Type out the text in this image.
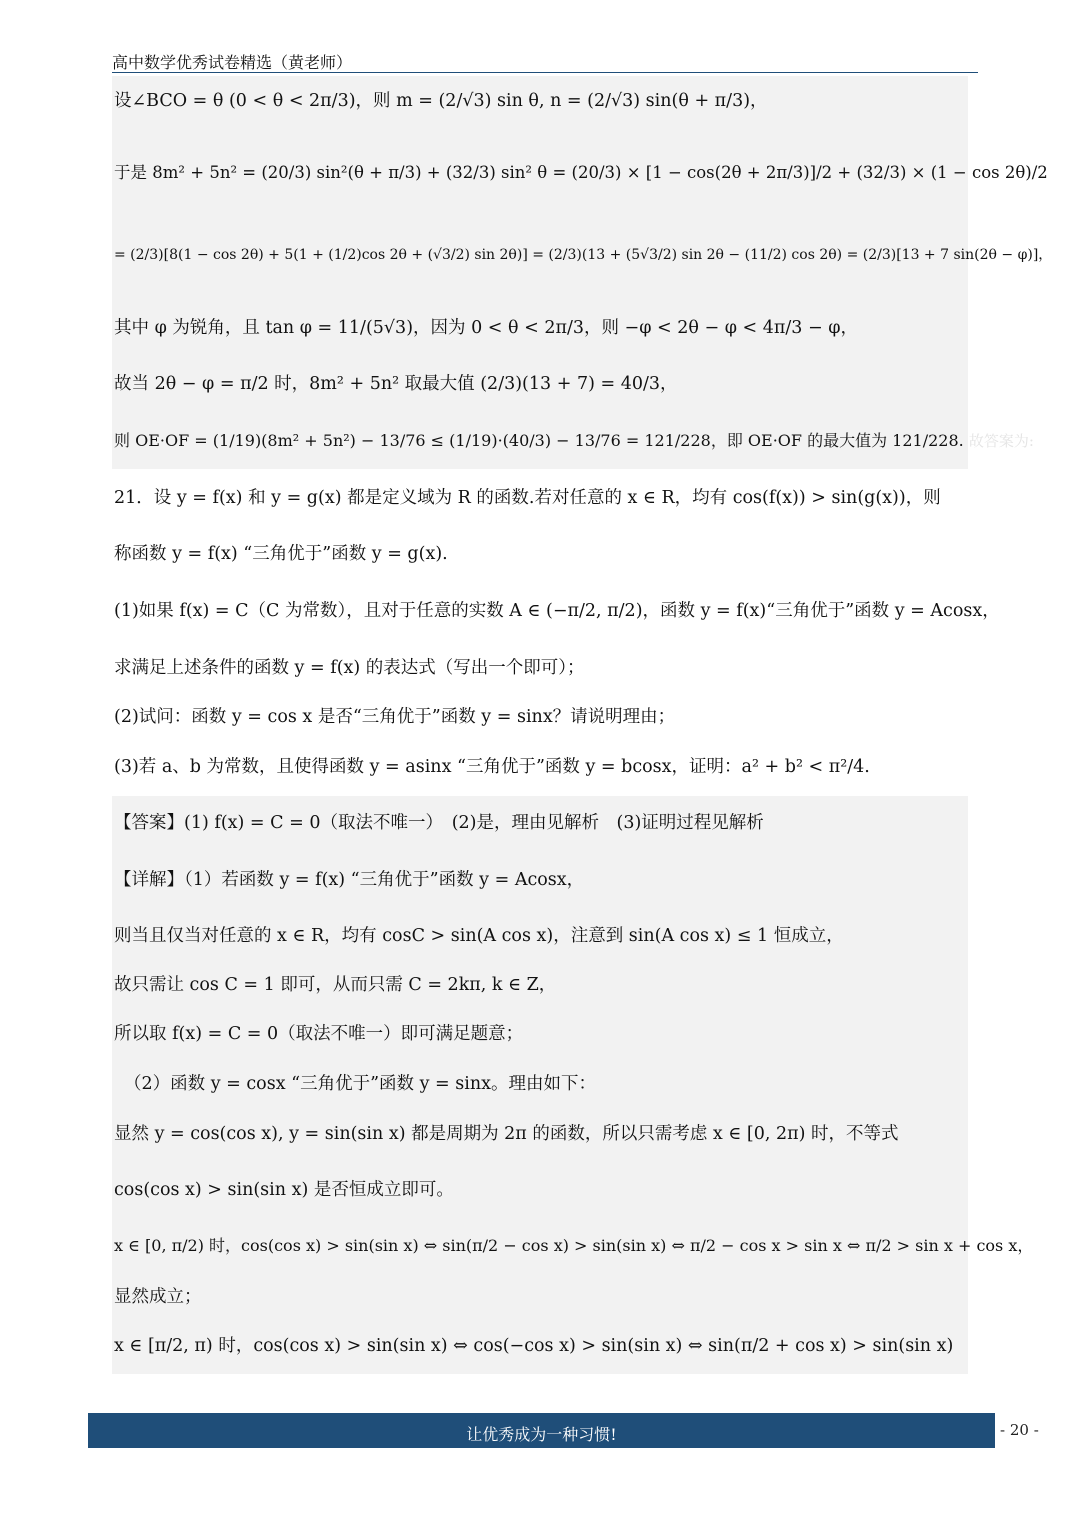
高中数学优秀试卷精选（黄老师）
设∠BCO = θ (0 < θ < 2π/3)，则 m = (2/√3) sin θ, n = (2/√3) sin(θ + π/3)，
于是 8m² + 5n² = (20/3) sin²(θ + π/3) + (32/3) sin² θ = (20/3) × [1 − cos(2θ + 2π/3)]/2 + (32/3) × (1 − cos 2θ)/2
= (2/3)[8(1 − cos 2θ) + 5(1 + (1/2)cos 2θ + (√3/2) sin 2θ)] = (2/3)(13 + (5√3/2) sin 2θ − (11/2) cos 2θ) = (2/3)[13 + 7 sin(2θ − φ)]，
其中 φ 为锐角，且 tan φ = 11/(5√3)，因为 0 < θ < 2π/3，则 −φ < 2θ − φ < 4π/3 − φ，
故当 2θ − φ = π/2 时，8m² + 5n² 取最大值 (2/3)(13 + 7) = 40/3，
则 OE·OF = (1/19)(8m² + 5n²) − 13/76 ≤ (1/19)·(40/3) − 13/76 = 121/228，即 OE·OF 的最大值为 121/228. 故答案为:
21．设 y = f(x) 和 y = g(x) 都是定义域为 R 的函数.若对任意的 x ∈ R，均有 cos(f(x)) > sin(g(x))，则
称函数 y = f(x) “三角优于”函数 y = g(x).
(1)如果 f(x) = C（C 为常数），且对于任意的实数 A ∈ (−π/2, π/2)，函数 y = f(x)“三角优于”函数 y = Acosx，
求满足上述条件的函数 y = f(x) 的表达式（写出一个即可）；
(2)试问：函数 y = cos x 是否“三角优于”函数 y = sinx？请说明理由；
(3)若 a、b 为常数，且使得函数 y = asinx “三角优于”函数 y = bcosx，证明：a² + b² < π²/4.
【答案】(1) f(x) = C = 0（取法不唯一）　(2)是，理由见解析　(3)证明过程见解析
【详解】（1）若函数 y = f(x) “三角优于”函数 y = Acosx，
则当且仅当对任意的 x ∈ R，均有 cosC > sin(A cos x)，注意到 sin(A cos x) ≤ 1 恒成立，
故只需让 cos C = 1 即可，从而只需 C = 2kπ, k ∈ Z，
所以取 f(x) = C = 0（取法不唯一）即可满足题意；
（2）函数 y = cosx “三角优于”函数 y = sinx。理由如下：
显然 y = cos(cos x), y = sin(sin x) 都是周期为 2π 的函数，所以只需考虑 x ∈ [0, 2π) 时，不等式
cos(cos x) > sin(sin x) 是否恒成立即可。
x ∈ [0, π/2) 时，cos(cos x) > sin(sin x) ⇔ sin(π/2 − cos x) > sin(sin x) ⇔ π/2 − cos x > sin x ⇔ π/2 > sin x + cos x，
显然成立；
x ∈ [π/2, π) 时，cos(cos x) > sin(sin x) ⇔ cos(−cos x) > sin(sin x) ⇔ sin(π/2 + cos x) > sin(sin x)
让优秀成为一种习惯!	- 20 -
